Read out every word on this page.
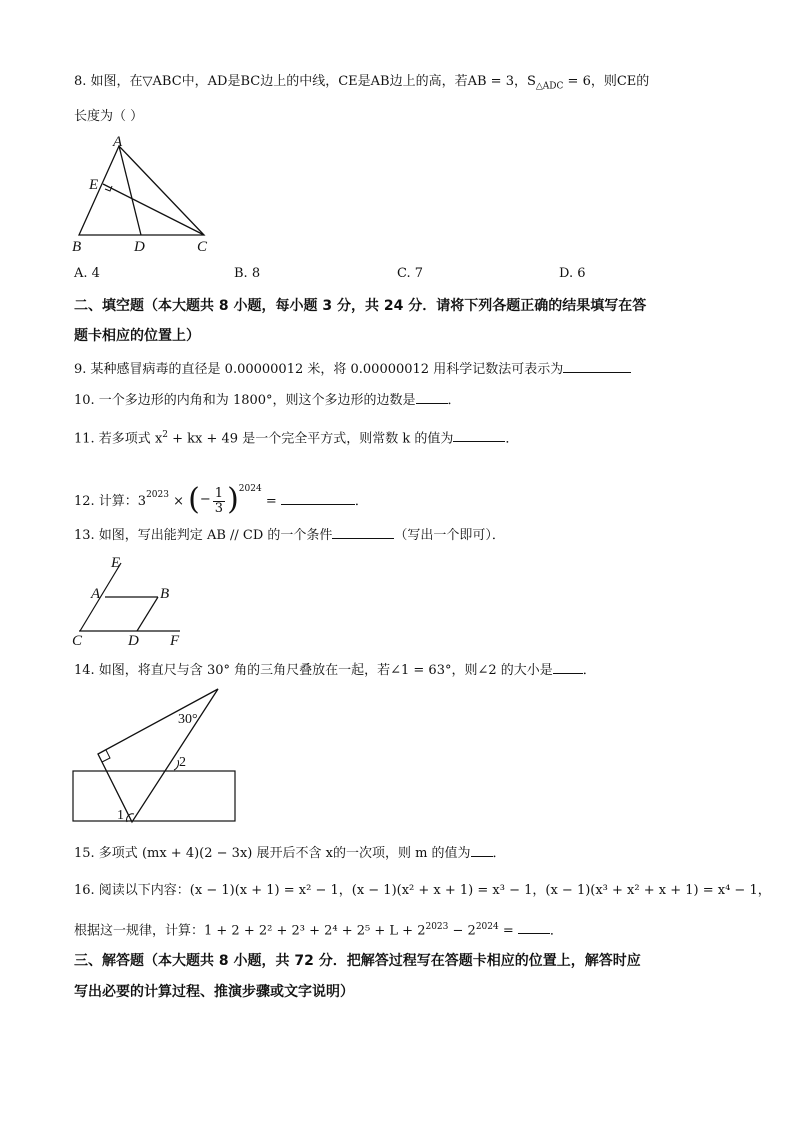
8. 如图，在▽ABC中，AD是BC边上的中线，CE是AB边上的高，若AB = 3，$S_{\triangle ADC} = 6$，则CE的
长度为（ ）
A
E
B	D	C
A. 4	B. 8	C. 7	D. 6
二、填空题（本大题共 8 小题，每小题 3 分，共 24 分．请将下列各题正确的结果填写在答
题卡相应的位置上）
9. 某种感冒病毒的直径是 0.00000012 米，将 0.00000012 用科学记数法可表示为
10. 一个多边形的内角和为 1800°，则这个多边形的边数是 ．
11. 若多项式 $x^2$ + kx + 49 是一个完全平方式，则常数 k 的值为	．
12. 计算：$3^{2023}$ × (− $\frac{1}{3} )^{2024}$ =	．
13. 如图，写出能判定 AB // CD 的一个条件	（写出一个即可）．
E
A	B
C	D F
14. 如图，将直尺与含 30° 角的三角尺叠放在一起，若∠1 = 63°，则∠2 的大小是 ．
30°
2
1
15. 多项式 (mx + 4)(2 − 3x) 展开后不含 x的一次项，则 m 的值为 ．
16. 阅读以下内容：(x − 1)(x + 1) = x² − 1，(x − 1)(x² + x + 1) = x³ − 1，(x − 1)(x³ + x² + x + 1) = x⁴ − 1，
根据这一规律，计算：$1 + 2 + 2^2 + 2^3 + 2^4 + 2^5 + L + 2^{2023} - 2^{2024}$ = ．
三、解答题（本大题共 8 小题，共 72 分．把解答过程写在答题卡相应的位置上，解答时应
写出必要的计算过程、推演步骤或文字说明）
